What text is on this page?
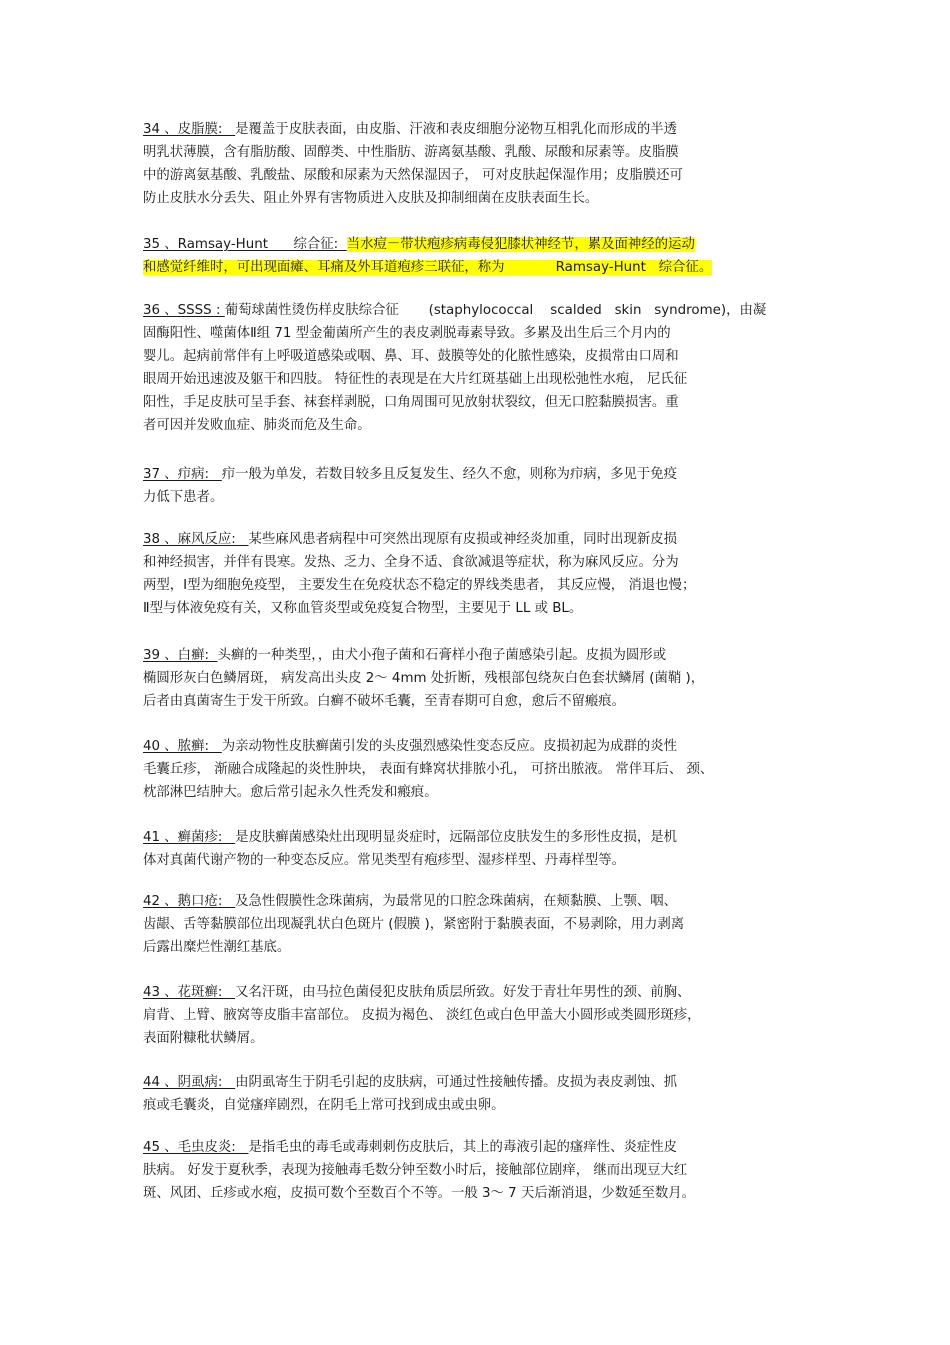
34 、皮脂膜:   是覆盖于皮肤表面，由皮脂、汗液和表皮细胞分泌物互相乳化而形成的半透
明乳状薄膜，含有脂肪酸、固醇类、中性脂肪、游离氨基酸、乳酸、尿酸和尿素等。皮脂膜
中的游离氨基酸、乳酸盐、尿酸和尿素为天然保湿因子， 可对皮肤起保湿作用；皮脂膜还可
防止皮肤水分丢失、阻止外界有害物质进入皮肤及抑制细菌在皮肤表面生长。
35 、Ramsay-Hunt      综合征:  当水痘－带状疱疹病毒侵犯膝状神经节，累及面神经的运动
和感觉纤维时，可出现面瘫、耳痛及外耳道疱疹三联征，称为            Ramsay-Hunt   综合征。
36 、SSSS : 葡萄球菌性烫伤样皮肤综合征       (staphylococcal    scalded   skin   syndrome)，由凝
固酶阳性、噬菌体Ⅱ组 71 型金葡菌所产生的表皮剥脱毒素导致。多累及出生后三个月内的
婴儿。起病前常伴有上呼吸道感染或咽、鼻、耳、鼓膜等处的化脓性感染，皮损常由口周和
眼周开始迅速波及躯干和四肢。 特征性的表现是在大片红斑基础上出现松弛性水疱， 尼氏征
阳性，手足皮肤可呈手套、袜套样剥脱，口角周围可见放射状裂纹，但无口腔黏膜损害。重
者可因并发败血症、肺炎而危及生命。
37 、疖病:   疖一般为单发，若数目较多且反复发生、经久不愈，则称为疖病，多见于免疫
力低下患者。
38 、麻风反应:   某些麻风患者病程中可突然出现原有皮损或神经炎加重，同时出现新皮损
和神经损害，并伴有畏寒。发热、乏力、全身不适、食欲减退等症状，称为麻风反应。分为
两型，Ⅰ型为细胞免疫型， 主要发生在免疫状态不稳定的界线类患者， 其反应慢， 消退也慢；
Ⅱ型与体液免疫有关，又称血管炎型或免疫复合物型，主要见于 LL 或 BL。
39 、白癣:  头癣的一种类型，，由犬小孢子菌和石膏样小孢子菌感染引起。皮损为圆形或
椭圆形灰白色鳞屑斑， 病发高出头皮 2～ 4mm 处折断，残根部包绕灰白色套状鳞屑 (菌鞘 )，
后者由真菌寄生于发干所致。白癣不破坏毛囊，至青春期可自愈，愈后不留瘢痕。
40 、脓癣:   为亲动物性皮肤癣菌引发的头皮强烈感染性变态反应。皮损初起为成群的炎性
毛囊丘疹， 渐融合成隆起的炎性肿块， 表面有蜂窝状排脓小孔， 可挤出脓液。 常伴耳后、 颈、
枕部淋巴结肿大。愈后常引起永久性秃发和瘢痕。
41 、癣菌疹:   是皮肤癣菌感染灶出现明显炎症时，远隔部位皮肤发生的多形性皮损，是机
体对真菌代谢产物的一种变态反应。常见类型有疱疹型、湿疹样型、丹毒样型等。
42 、鹅口疮:   及急性假膜性念珠菌病，为最常见的口腔念珠菌病，在颊黏膜、上颚、咽、
齿龈、舌等黏膜部位出现凝乳状白色斑片 (假膜 )，紧密附于黏膜表面，不易剥除，用力剥离
后露出糜烂性潮红基底。
43 、花斑癣:   又名汗斑，由马拉色菌侵犯皮肤角质层所致。好发于青壮年男性的颈、前胸、
肩背、上臂、腋窝等皮脂丰富部位。 皮损为褐色、 淡红色或白色甲盖大小圆形或类圆形斑疹，
表面附糠秕状鳞屑。
44 、阴虱病:   由阴虱寄生于阴毛引起的皮肤病，可通过性接触传播。皮损为表皮剥蚀、抓
痕或毛囊炎，自觉瘙痒剧烈，在阴毛上常可找到成虫或虫卵。
45 、毛虫皮炎:   是指毛虫的毒毛或毒刺刺伤皮肤后，其上的毒液引起的瘙痒性、炎症性皮
肤病。 好发于夏秋季，表现为接触毒毛数分钟至数小时后，接触部位剧痒， 继而出现豆大红
斑、风团、丘疹或水疱，皮损可数个至数百个不等。一般 3～ 7 天后渐消退，少数延至数月。
